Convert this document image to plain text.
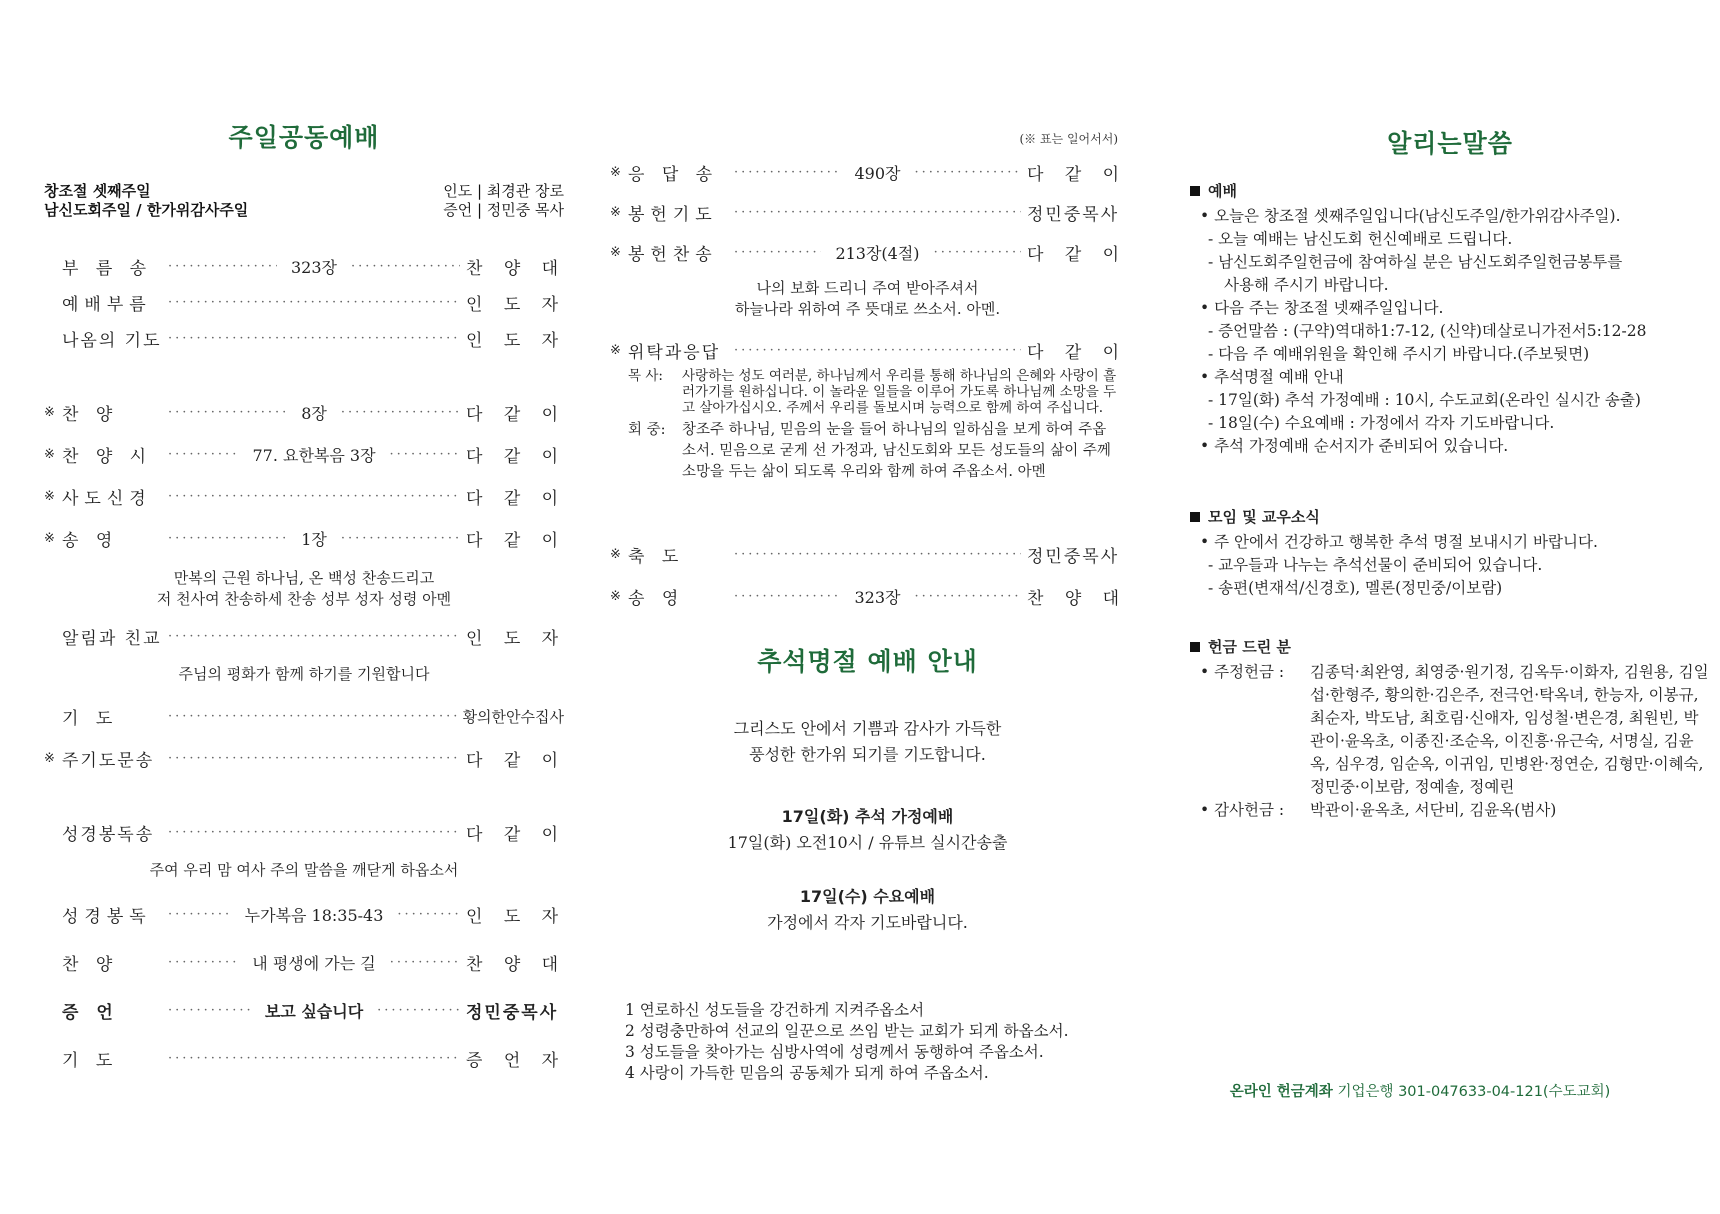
주일공동예배
창조절 셋째주일
남신도회주일 / 한가위감사주일
인도 | 최경관 장로
증언 | 정민중 목사
부 름 송 ·····	323장 ·····	찬 양 대
예배부름 ·····	인 도 자
나옴의 기도 ·····	인 도 자
※ 찬 양 ·····	8장 ·····	다 같 이
※ 찬 양 시 ·····	77. 요한복음 3장 ·····	다 같 이
※ 사도신경 ·····	다 같 이
※ 송 영 ·····	1장 ·····	다 같 이
만복의 근원 하나님, 온 백성 찬송드리고
저 천사여 찬송하세 찬송 성부 성자 성령 아멘
알림과 친교 ·····	인 도 자
주님의 평화가 함께 하기를 기원합니다
기 도 ·····	황의한안수집사
※ 주기도문송 ·····	다 같 이
성경봉독송 ·····	다 같 이
주여 우리 맘 여사 주의 말씀을 깨닫게 하옵소서
성경봉독 ·····	누가복음 18:35-43 ·····	인 도 자
찬 양 ·····	내 평생에 가는 길 ·····	찬 양 대
증 언 ·····	보고 싶습니다 ·····	정민중목사
기 도 ·····	증 언 자
(※ 표는 일어서서)
※ 응 답 송 ·····	490장 ·····	다 같 이
※ 봉헌기도 ·····	정민중목사
※ 봉헌찬송 ·····	213장(4절) ·····	다 같 이
나의 보화 드리니 주여 받아주셔서
하늘나라 위하여 주 뜻대로 쓰소서. 아멘.
※ 위탁과응답 ·····	다 같 이
목 사:	사랑하는 성도 여러분, 하나님께서 우리를 통해 하나님의 은혜와 사랑이 흘러가기를 원하십니다. 이 놀라운 일들을 이루어 가도록 하나님께 소망을 두고 살아가십시오. 주께서 우리를 돌보시며 능력으로 함께 하여 주십니다.
회 중:	창조주 하나님, 믿음의 눈을 들어 하나님의 일하심을 보게 하여 주옵소서. 믿음으로 굳게 선 가정과, 남신도회와 모든 성도들의 삶이 주께 소망을 두는 삶이 되도록 우리와 함께 하여 주옵소서. 아멘
※ 축 도 ·····	정민중목사
※ 송 영 ·····	323장 ·····	찬 양 대
추석명절 예배 안내
그리스도 안에서 기쁨과 감사가 가득한
풍성한 한가위 되기를 기도합니다.
17일(화) 추석 가정예배
17일(화) 오전10시 / 유튜브 실시간송출
17일(수) 수요예배
가정에서 각자 기도바랍니다.
1 연로하신 성도들을 강건하게 지켜주옵소서
2 성령충만하여 선교의 일꾼으로 쓰임 받는 교회가 되게 하옵소서.
3 성도들을 찾아가는 심방사역에 성령께서 동행하여 주옵소서.
4 사랑이 가득한 믿음의 공동체가 되게 하여 주옵소서.
알리는말씀
예배
• 오늘은 창조절 셋째주일입니다(남신도주일/한가위감사주일).
- 오늘 예배는 남신도회 헌신예배로 드립니다.
- 남신도회주일헌금에 참여하실 분은 남신도회주일헌금봉투를
사용해 주시기 바랍니다.
• 다음 주는 창조절 넷째주일입니다.
- 증언말씀 : (구약)역대하1:7-12, (신약)데살로니가전서5:12-28
- 다음 주 예배위원을 확인해 주시기 바랍니다.(주보뒷면)
• 추석명절 예배 안내
- 17일(화) 추석 가정예배 : 10시, 수도교회(온라인 실시간 송출)
- 18일(수) 수요예배 : 가정에서 각자 기도바랍니다.
• 추석 가정예배 순서지가 준비되어 있습니다.
모임 및 교우소식
• 주 안에서 건강하고 행복한 추석 명절 보내시기 바랍니다.
- 교우들과 나누는 추석선물이 준비되어 있습니다.
- 송편(변재석/신경호), 멜론(정민중/이보람)
헌금 드린 분
• 주정헌금 :	김종덕·최완영, 최영중·원기정, 김옥두·이화자, 김원용, 김일섭·한형주, 황의한·김은주, 전극언·탁옥녀, 한능자, 이봉규, 최순자, 박도남, 최호림·신애자, 임성철·변은경, 최원빈, 박관이·윤옥초, 이종진·조순옥, 이진흥·유근숙, 서명실, 김윤옥, 심우경, 임순옥, 이귀임, 민병완·정연순, 김형만·이혜숙, 정민중·이보람, 정예솔, 정예린
• 감사헌금 :	박관이·윤옥초, 서단비, 김윤옥(범사)
온라인 헌금계좌 기업은행 301-047633-04-121(수도교회)
